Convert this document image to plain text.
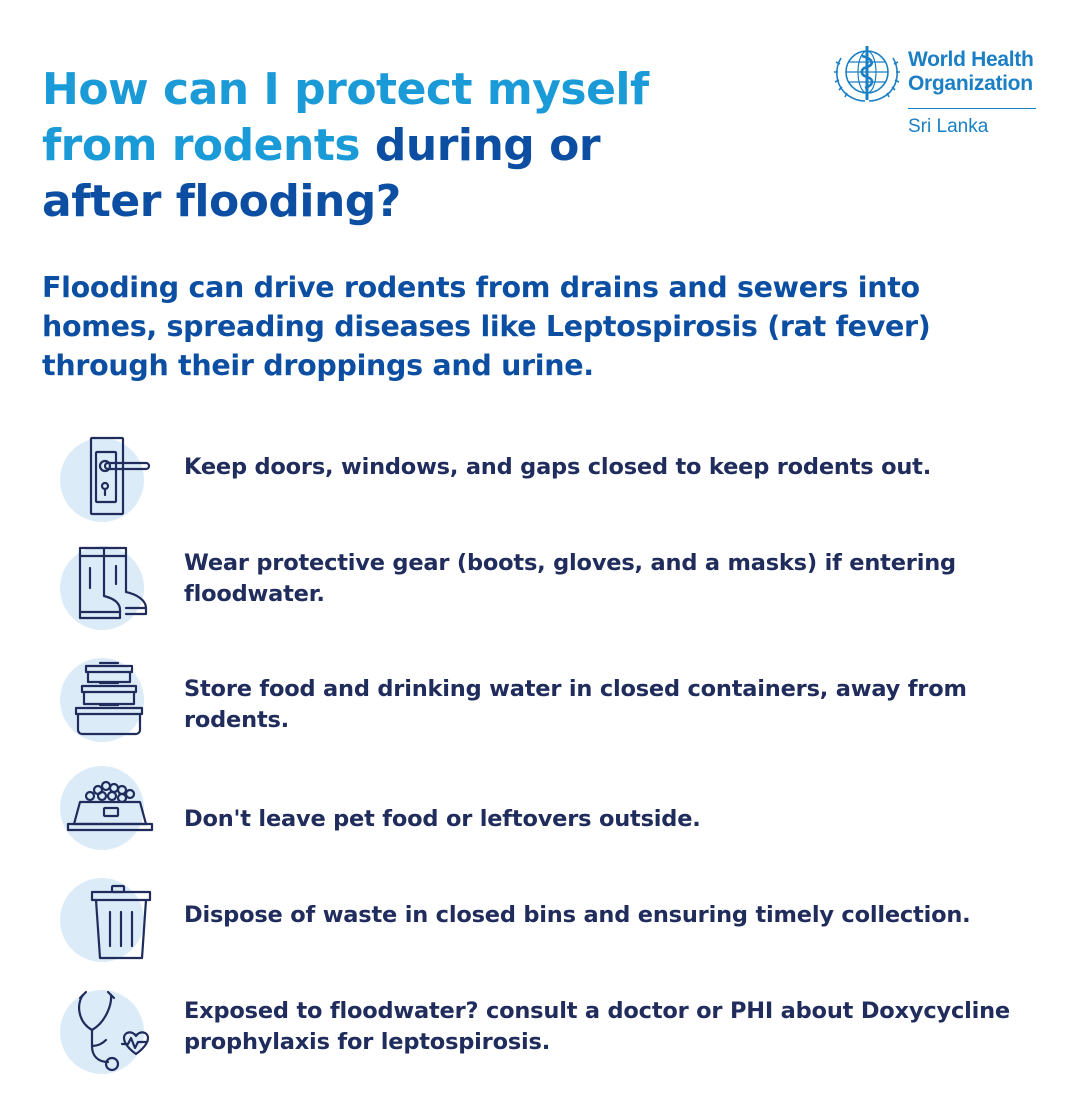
How can I protect myself
from rodents during or
after flooding?
World Health
Organization
Sri Lanka

Flooding can drive rodents from drains and sewers into homes, spreading diseases like Leptospirosis (rat fever) through their droppings and urine.

Keep doors, windows, and gaps closed to keep rodents out.

Wear protective gear (boots, gloves, and a masks) if entering floodwater.

Store food and drinking water in closed containers, away from rodents.

Don't leave pet food or leftovers outside.

Dispose of waste in closed bins and ensuring timely collection.

Exposed to floodwater? consult a doctor or PHI about Doxycycline prophylaxis for leptospirosis.
